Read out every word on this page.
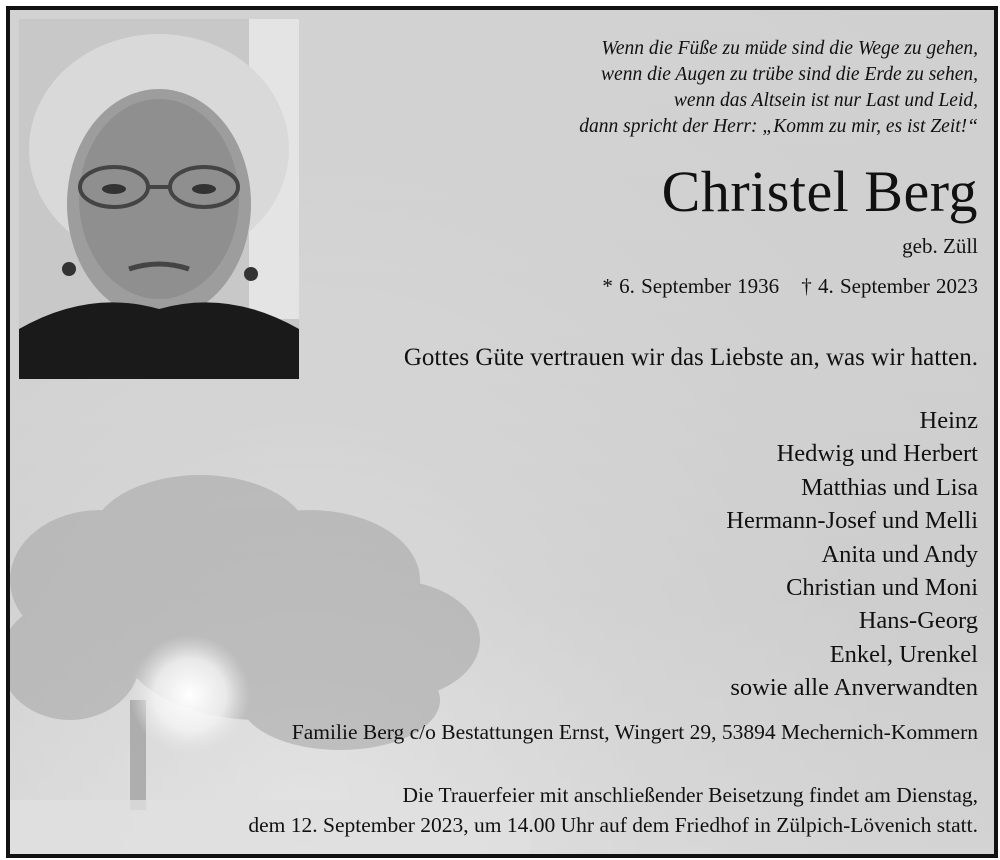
Wenn die Füße zu müde sind die Wege zu gehen,
wenn die Augen zu trübe sind die Erde zu sehen,
wenn das Altsein ist nur Last und Leid,
dann spricht der Herr: „Komm zu mir, es ist Zeit!“
Christel Berg
geb. Züll
* 6. September 1936 † 4. September 2023
Gottes Güte vertrauen wir das Liebste an, was wir hatten.
Heinz
Hedwig und Herbert
Matthias und Lisa
Hermann-Josef und Melli
Anita und Andy
Christian und Moni
Hans-Georg
Enkel, Urenkel
sowie alle Anverwandten
Familie Berg c/o Bestattungen Ernst, Wingert 29, 53894 Mechernich-Kommern
Die Trauerfeier mit anschließender Beisetzung findet am Dienstag,
dem 12. September 2023, um 14.00 Uhr auf dem Friedhof in Zülpich-Lövenich statt.
